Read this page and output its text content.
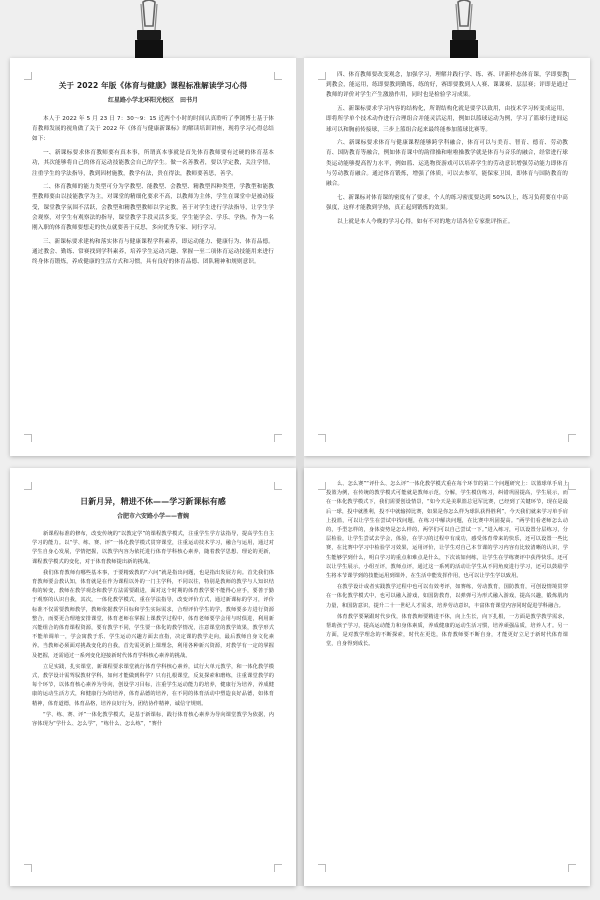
关于 2022 年版《体育与健康》课程标准解读学习心得
红星路小学北环阳光校区　田书月

本人于 2022 年 5 月 23 日 7：30～9：15 近两个小时的时间认真聆听了季浏博士基于体育教师发展的视角做了关于 2022 年《体育与健康新课标》的解读培训讲座，现将学习心得总结如下：

一、新课标要求体育教师要有真本事，所谓真本事就是首先体育教师要有过硬的体育基本功，其次能够将自己的体育运动技能教会自己的学生。做一名善教者，要以学定教，关注学情，注重学生的学法指导，教到因材施教，教学有法，贵在得法，教师要善思，善学。

二、体育教师的能力类型可分为学教型、能教型、会教型、精教型四种类型，学教型和能教型教师要由以技能教学为主，对课堂的精细化要求不高，以教师为主体，学生在课堂中是被动接受，课堂教学氛围不活跃，会教型和精教型教师以学定教，善于对学生进行学法指导，让学生学会观察，对学生有观察法的指导，课堂教学手段灵活多变，学生能学会、学乐、学热。作为一名刚入职的体育教师要想走的快点就要善于反思，多向优秀专家、同行学习。

三、新课标要求建构和落实体育与健康课程学科素养，即运动能力、健康行为、体育品德。通过教会、勤练、常赛找到学科素养，培养学生运动兴趣、掌握一至二项体育运动技能用来进行终身体育锻炼，养成健康的生活方式和习惯，具有良好的体育品德、团队精神和规则意识。

四、体育教师要改变观念，加强学习，理解并践行学、练、赛、评新样态体育课，学即要教到教会，能运用，练即要教到勤练，练的好，赛即要教到人人赛、课课赛、层层赛；评即是通过教师的评价对学生产生激励作用，同时也是检验学习成果。

五、新课标要求学习内容的结构化，所谓结构化就是要学以致用，由技术学习转变成运用，即将所学单个技术动作进行合理组合并能灵活运用，例如以篮球运动为例，学习了篮球行进间运球可以和胸前传接球，三步上篮组合起来最终能参加篮球比赛等。

六、新课标要求体育与健康课程能够跨学科融合，体育可以与美育、智育、德育、劳动教育、国防教育等融合，例如体育课中的韵律操和啦啦操教学就是体育与音乐的融合，经常进行球类运动能够提高智力水平，例如篮、运选物资游戏可以培养学生的劳动意识增强劳动能力即体育与劳动教育融合。通过体育锻炼，增强了体质，可以去参军，能保家卫国，即体育与国防教育的融合。

七、新课标对体育课的密度有了要求，个人的练习密度要达到 50%以上，练习负荷要在中高强度，这样才能教到学热，真正起到锻炼的效果。

以上就是本人今晚的学习心得，如有不对的地方请各位专家批评指正。

日新月异，精进不休——学习新课标有感
合肥市六安路小学——曹婉

新课程标准的修布，改变传统的“以教定学”的课程教学模式，注重学生学方法指导，提高学生自主学习的能力。以“学、练、赛、评”一体化教学模式贯穿课堂，注重运动技术学习，融合与运用，通过对学生自身心发展，学情把握，以教学内容为依托进行体育学科核心素养，随着教学思想、理论的更新，课程教学模式的变化，对于体育教师提出新的挑战。

我们体育教师有哪些基本事，于要精致教的“六问”就是指出问题，也是指出发展方向。首先我们体育教师要会教认知，体育就是在作为课程以外的一门主学科，不同以往，特别是教师的教学与人知识结构的转变，教师在教学观念和教学方法需要跟进，面对这个时期的体育教学要不能得心应手，要善于勤于观察的认识自我，其次，一体化教学模式，重在学法指导，改变评价方式，通过新课标的学习，评价标准不仅需要教师教学，教师依据教学目标和学生实际需求，合理评价学生的学，教师要多方进行资源整合，而要更合理地安排课堂，体育老师在掌握上课教学过程中，体育老师要学会用与时俱进，利用新兴能组合的体育课程资源，要有教学不同，学生要一体化的教学情况，注意课堂的教学效果，教学形式不能单调单一，学会寓教于乐、学生运动兴趣方面去直指，决定课的教学走向，最后教师自身文化素养。当教师必须面对挑战变化的自我，首先需更新上课理念，利用各种新兴资源，对教学有一定的掌握及把握，还需通过一系列变化迎接新时代体育学科核心素养的挑战。

立足实践，扎实课堂，新课程要求课堂就行体育学科核心素养，试行大单元教学，和一体化教学模式，教学设计需驾驭教材学科，如何才能做到科学？只有扎根课堂，反复探索和磨练，注重课堂教学的每个环节，以体育核心素养为导向，创设学习目标，注重学生运动能力的培养，健康行为培养，养成健康的运动生活方式，和健康行为的培养，体育品德的培养，在不同的体育活动中塑造良好品德，如体育精神，体育道德，体育品格，培养良好行为，团结协作精神，诚信守规则。

“学、练、赛、评”一体化教学模式，是基于新课标，践行体育核心素养为导向课堂教学为依据，内容体现为“学什么、怎么学”，“练什么、怎么练”，“赛什

么、怎么赛”“评什么、怎么评”一体化教学模式重在每个环节的第二个问题研究上：以篮球单手肩上投篮为例，在传统的教学模式可能就是教师示范，分解，学生模仿练习，纠错巩固提高，学生展示，而在一体化教学模式下，我们需要创设情景，“如今天是美职篮总冠军比赛，已经到了关键环节，现在是最后一球，投中就胜利，投不中就输掉比赛，如果是你怎么样为球队获得胜利”，今天我们就来学习单手肩上投篮，可以让学生在尝试中找问题，在练习中解决问题，在比赛中巩固提高。“两学们看老师怎么动的，手型怎样的，身体姿势是怎么样的，两学们可以自己尝试一下。”进入练习，可以设置分层练习，分层检验，让学生尝试去学会，体验，在学习的过程中有成功，感受体育带来的快乐，还可以设置一些比赛，在比赛中学习中检验学习效果，运用评价，让学生对自己本节课的学习内容有比较清晰的认识，学生能够学到什么，明白学习的重点和难点是什么，下次该如何练，让学生在学练赛评中获得快乐。还可以让学生展示，小组互评，教师点评，通过这一系列的活动让学生从不同角度进行学习，还可以鼓励学生将本节课学到的技能运用到课外，在生活中能发挥作用，也可以让学生学以致用。

在教学设计或者实践教学过程中也可以有效考评，如赛练，劳动教育，国防教育，可创设情境贯穿在一体化教学模式中，也可以融入游戏，如国防教育，以弹弹弓为形式融入游戏，提高兴趣，锻炼肌肉力量，和国防意识，提升二十一世纪人才需求，培养劳动意识，丰富体育课堂内容同时促进学科融合。

体育教学要紧跟时代步伐，体育教师要精进不休，向上生长，向下扎根，一方面是教学教学需求，帮助孩子学习，提高运动能力和身体素质，养成健康的运动生活习惯，培养顽强品质，培养人才。另一方面，是对教学理念的不断探索，时代在更迭，体育教师要不断自身，才能更好立足于新时代体育课堂，自身得到成长。
